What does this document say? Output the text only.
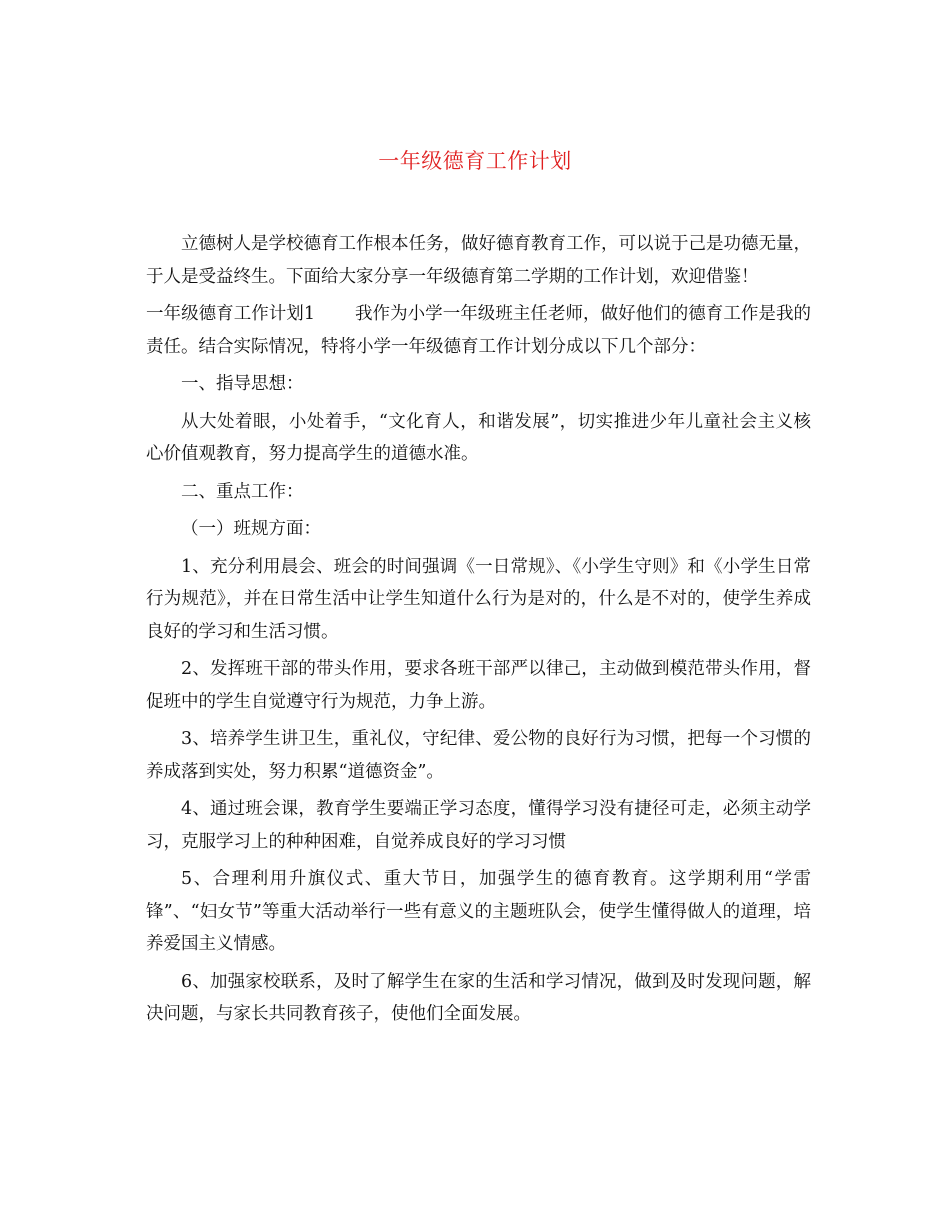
一年级德育工作计划

立德树人是学校德育工作根本任务，做好德育教育工作，可以说于己是功德无量，于人是受益终生。下面给大家分享一年级德育第二学期的工作计划，欢迎借鉴！

一年级德育工作计划1 我作为小学一年级班主任老师，做好他们的德育工作是我的责任。结合实际情况，特将小学一年级德育工作计划分成以下几个部分：

一、指导思想：

从大处着眼，小处着手，“文化育人，和谐发展”，切实推进少年儿童社会主义核心价值观教育，努力提高学生的道德水准。

二、重点工作：

（一）班规方面：

1、充分利用晨会、班会的时间强调《一日常规》、《小学生守则》和《小学生日常行为规范》，并在日常生活中让学生知道什么行为是对的，什么是不对的，使学生养成良好的学习和生活习惯。

2、发挥班干部的带头作用，要求各班干部严以律己，主动做到模范带头作用，督促班中的学生自觉遵守行为规范，力争上游。

3、培养学生讲卫生，重礼仪，守纪律、爱公物的良好行为习惯，把每一个习惯的养成落到实处，努力积累“道德资金”。

4、通过班会课，教育学生要端正学习态度，懂得学习没有捷径可走，必须主动学习，克服学习上的种种困难，自觉养成良好的学习习惯

5、合理利用升旗仪式、重大节日，加强学生的德育教育。这学期利用“学雷锋”、“妇女节”等重大活动举行一些有意义的主题班队会，使学生懂得做人的道理，培养爱国主义情感。

6、加强家校联系，及时了解学生在家的生活和学习情况，做到及时发现问题，解决问题，与家长共同教育孩子，使他们全面发展。
